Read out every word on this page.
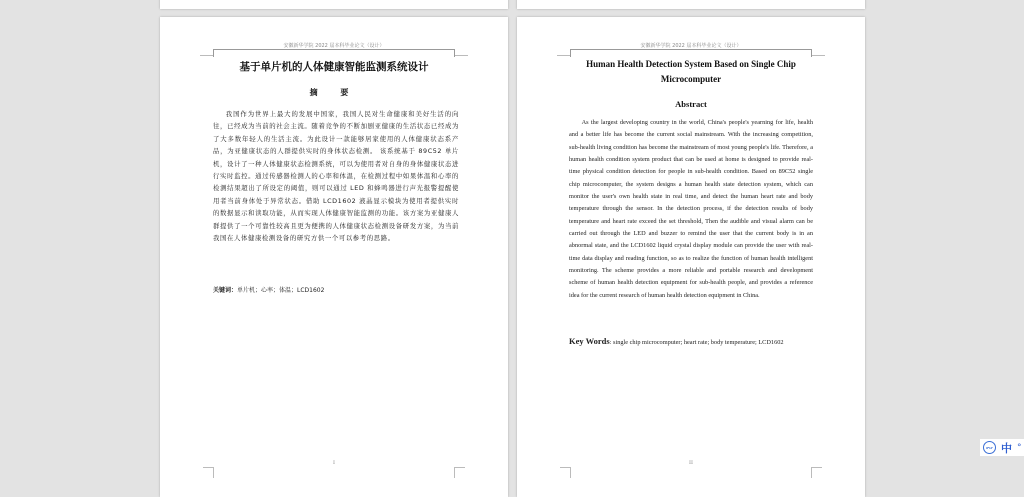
安徽新华学院 2022 届本科毕业论文（设计）
基于单片机的人体健康智能监测系统设计
摘 要
我国作为世界上最大的发展中国家，我国人民对生命健康和美好生活的向往，已经成为当前的社会主流。随着竞争的不断加剧亚健康的生活状态已经成为了大多数年轻人的生活主流。为此设计一款能够居家使用的人体健康状态系产品，为亚健康状态的人群提供实时的身体状态检测。 该系统基于 89C52 单片机，设计了一种人体健康状态检测系统，可以为使用者对自身的身体健康状态进行实时监控。通过传感器检测人的心率和体温，在检测过程中如果体温和心率的检测结果超出了所设定的阈值，则可以通过 LED 和蜂鸣器进行声光报警提醒使用者当前身体处于异常状态。借助 LCD1602 液晶显示模块为使用者提供实时的数据显示和读取功能，从而实现人体健康智能监测的功能。该方案为亚健康人群提供了一个可靠性较高且更为便携的人体健康状态检测设备研发方案，为当前我国在人体健康检测设备的研究方供一个可以参考的思路。
关键词：单片机；心率；体温；LCD1602
I
安徽新华学院 2022 届本科毕业论文（设计）
Human Health Detection System Based on Single Chip Microcomputer
Abstract
As the largest developing country in the world, China's people's yearning for life, health and a better life has become the current social mainstream. With the increasing competition, sub-health living condition has become the mainstream of most young people's life. Therefore, a human health condition system product that can be used at home is designed to provide real-time physical condition detection for people in sub-health condition. Based on 89C52 single chip microcomputer, the system designs a human health state detection system, which can monitor the user's own health state in real time, and detect the human heart rate and body temperature through the sensor. In the detection process, if the detection results of body temperature and heart rate exceed the set threshold, Then the audible and visual alarm can be carried out through the LED and buzzer to remind the user that the current body is in an abnormal state, and the LCD1602 liquid crystal display module can provide the user with real-time data display and reading function, so as to realize the function of human health intelligent monitoring. The scheme provides a more reliable and portable research and development scheme of human health detection equipment for sub-health people, and provides a reference idea for the current research of human health detection equipment in China.
Key Words: single chip microcomputer; heart rate; body temperature; LCD1602
II
iFLY 中 °
